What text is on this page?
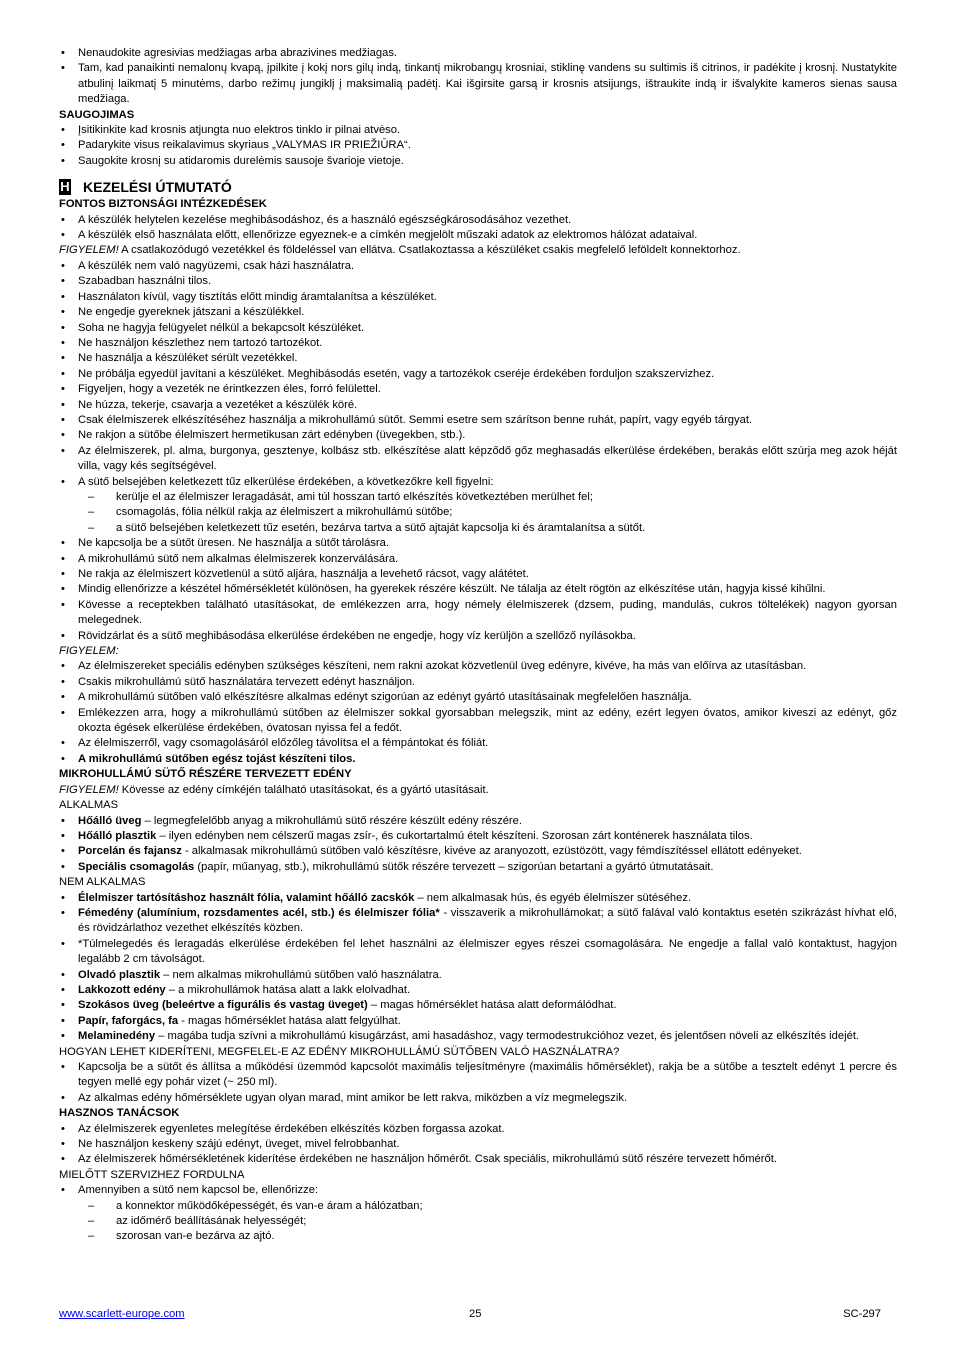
• Nenaudokite agresivias medžiagas arba abrazivines medžiagas.
• Tam, kad panaikinti nemalonų kvapą, įpilkite į kokį nors gilų indą, tinkantį mikrobangų krosniai, stiklinę vandens su sultimis iš citrinos, ir padėkite į krosnį. Nustatykite atbulinį laikmatį 5 minutėms, darbo režimų jungiklį į maksimalią padėtį. Kai išgirsite garsą ir krosnis atsijungs, ištraukite indą ir išvalykite kameros sienas sausa medžiaga.
SAUGOJIMAS
• Įsitikinkite kad krosnis atjungta nuo elektros tinklo ir pilnai atvėso.
• Padarykite visus reikalavimus skyriaus „VALYMAS IR PRIEŽIŪRA“.
• Saugokite krosnį su atidaromis durelėmis sausoje švarioje vietoje.
H KEZELÉSI ÚTMUTATÓ
FONTOS BIZTONSÁGI INTÉZKEDÉSEK
• A készülék helytelen kezelése meghibásodáshoz, és a használó egészségkárosodásához vezethet.
• A készülék első használata előtt, ellenőrizze egyeznek-e a címkén megjelölt műszaki adatok az elektromos hálózat adataival.
FIGYELEM! A csatlakozódugó vezetékkel és földeléssel van ellátva. Csatlakoztassa a készüléket csakis megfelelő leföldelt konnektorhoz.
• A készülék nem való nagyüzemi, csak házi használatra.
• Szabadban használni tilos.
• Használaton kívül, vagy tisztítás előtt mindig áramtalanítsa a készüléket.
• Ne engedje gyereknek játszani a készülékkel.
• Soha ne hagyja felügyelet nélkül a bekapcsolt készüléket.
• Ne használjon készlethez nem tartozó tartozékot.
• Ne használja a készüléket sérült vezetékkel.
• Ne próbálja egyedül javítani a készüléket. Meghibásodás esetén, vagy a tartozékok cseréje érdekében forduljon szakszervizhez.
• Figyeljen, hogy a vezeték ne érintkezzen éles, forró felülettel.
• Ne húzza, tekerje, csavarja a vezetéket a készülék köré.
• Csak élelmiszerek elkészítéséhez használja a mikrohullámú sütőt. Semmi esetre sem szárítson benne ruhát, papírt, vagy egyéb tárgyat.
• Ne rakjon a sütőbe élelmiszert hermetikusan zárt edényben (üvegekben, stb.).
• Az élelmiszerek, pl. alma, burgonya, gesztenye, kolbász stb. elkészítése alatt képződő gőz meghasadás elkerülése érdekében, berakás előtt szúrja meg azok héját villa, vagy kés segítségével.
• A sütő belsejében keletkezett tűz elkerülése érdekében, a következőkre kell figyelni:
– kerülje el az élelmiszer leragadását, ami túl hosszan tartó elkészítés következtében merülhet fel;
– csomagolás, fólia nélkül rakja az élelmiszert a mikrohullámú sütőbe;
– a sütő belsejében keletkezett tűz esetén, bezárva tartva a sütő ajtaját kapcsolja ki és áramtalanítsa a sütőt.
• Ne kapcsolja be a sütőt üresen. Ne használja a sütőt tárolásra.
• A mikrohullámú sütő nem alkalmas élelmiszerek konzerválására.
• Ne rakja az élelmiszert közvetlenül a sütő aljára, használja a levehető rácsot, vagy alátétet.
• Mindig ellenőrizze a készétel hőmérsékletét különösen, ha gyerekek részére készült. Ne tálalja az ételt rögtön az elkészítése után, hagyja kissé kihűlni.
• Kövesse a receptekben található utasításokat, de emlékezzen arra, hogy némely élelmiszerek (dzsem, puding, mandulás, cukros töltelékek) nagyon gyorsan melegednek.
• Rövidzárlat és a sütő meghibásodása elkerülése érdekében ne engedje, hogy víz kerüljön a szellőző nyílásokba.
FIGYELEM:
• Az élelmiszereket speciális edényben szükséges készíteni, nem rakni azokat közvetlenül üveg edényre, kivéve, ha más van előírva az utasításban.
• Csakis mikrohullámú sütő használatára tervezett edényt használjon.
• A mikrohullámú sütőben való elkészítésre alkalmas edényt szigorúan az edényt gyártó utasításainak megfelelően használja.
• Emlékezzen arra, hogy a mikrohullámú sütőben az élelmiszer sokkal gyorsabban melegszik, mint az edény, ezért legyen óvatos, amikor kiveszi az edényt, gőz okozta égések elkerülése érdekében, óvatosan nyissa fel a fedőt.
• Az élelmiszerről, vagy csomagolásáról előzőleg távolítsa el a fémpántokat és fóliát.
• A mikrohullámú sütőben egész tojást készíteni tilos.
MIKROHULLÁMÚ SÜTŐ RÉSZÉRE TERVEZETT EDÉNY
FIGYELEM! Kövesse az edény címkéjén található utasításokat, és a gyártó utasításait.
ALKALMAS
• Hőálló üveg – legmegfelelőbb anyag a mikrohullámú sütő részére készült edény részére.
• Hőálló plasztik – ilyen edényben nem célszerű magas zsír-, és cukortartalmú ételt készíteni. Szorosan zárt konténerek használata tilos.
• Porcelán és fajansz - alkalmasak mikrohullámú sütőben való készítésre, kivéve az aranyozott, ezüstözött, vagy fémdíszítéssel ellátott edényeket.
• Speciális csomagolás (papír, műanyag, stb.), mikrohullámú sütők részére tervezett – szigorúan betartani a gyártó útmutatásait.
NEM ALKALMAS
• Élelmiszer tartósításhoz használt fólia, valamint hőálló zacskók – nem alkalmasak hús, és egyéb élelmiszer sütéséhez.
• Fémedény (alumínium, rozsdamentes acél, stb.) és élelmiszer fólia* - visszaverik a mikrohullámokat; a sütő falával való kontaktus esetén szikrázást hívhat elő, és rövidzárlathoz vezethet elkészítés közben.
• *Túlmelegedés és leragadás elkerülése érdekében fel lehet használni az élelmiszer egyes részei csomagolására. Ne engedje a fallal való kontaktust, hagyjon legalább 2 cm távolságot.
• Olvadó plasztik – nem alkalmas mikrohullámú sütőben való használatra.
• Lakkozott edény – a mikrohullámok hatása alatt a lakk elolvadhat.
• Szokásos üveg (beleértve a figurális és vastag üveget) – magas hőmérséklet hatása alatt deformálódhat.
• Papír, faforgács, fa - magas hőmérséklet hatása alatt felgyúlhat.
• Melaminedény – magába tudja szívni a mikrohullámú kisugárzást, ami hasadáshoz, vagy termodestrukcióhoz vezet, és jelentősen növeli az elkészítés idejét.
HOGYAN LEHET KIDERÍTENI, MEGFELEL-E AZ EDÉNY MIKROHULLÁMÚ SÜTŐBEN VALÓ HASZNÁLATRA?
• Kapcsolja be a sütőt és állítsa a működési üzemmód kapcsolót maximális teljesítményre (maximális hőmérséklet), rakja be a sütőbe a tesztelt edényt 1 percre és tegyen mellé egy pohár vizet (~ 250 ml).
• Az alkalmas edény hőmérséklete ugyan olyan marad, mint amikor be lett rakva, miközben a víz megmelegszik.
HASZNOS TANÁCSOK
• Az élelmiszerek egyenletes melegítése érdekében elkészítés közben forgassa azokat.
• Ne használjon keskeny szájú edényt, üveget, mivel felrobbanhat.
• Az élelmiszerek hőmérsékletének kiderítése érdekében ne használjon hőmérőt. Csak speciális, mikrohullámú sütő részére tervezett hőmérőt.
MIELŐTT SZERVIZHEZ FORDULNA
• Amennyiben a sütő nem kapcsol be, ellenőrizze:
– a konnektor működőképességét, és van-e áram a hálózatban;
– az időmérő beállításának helyességét;
– szorosan van-e bezárva az ajtó.
www.scarlett-europe.com	25	SC-297
